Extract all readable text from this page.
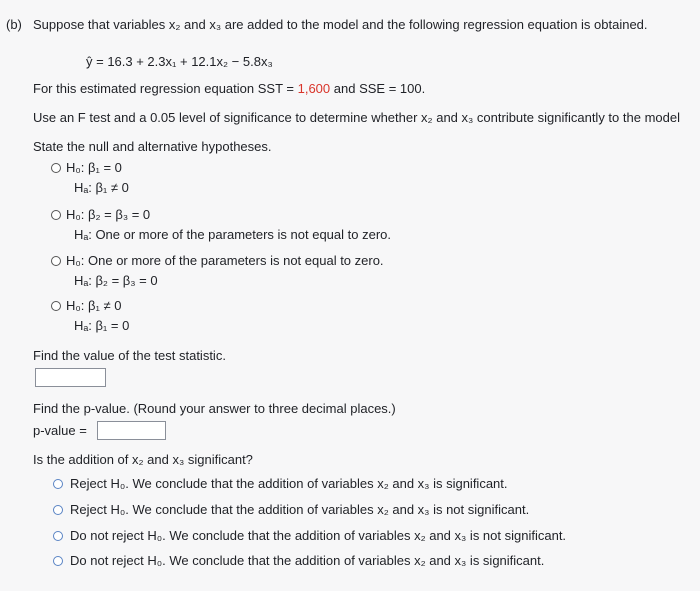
(b) Suppose that variables x₂ and x₃ are added to the model and the following regression equation is obtained.
ŷ = 16.3 + 2.3x₁ + 12.1x₂ − 5.8x₃
For this estimated regression equation SST = 1,600 and SSE = 100.
Use an F test and a 0.05 level of significance to determine whether x₂ and x₃ contribute significantly to the model
State the null and alternative hypotheses.
H₀: β₁ = 0
Hₐ: β₁ ≠ 0
H₀: β₂ = β₃ = 0
Hₐ: One or more of the parameters is not equal to zero.
H₀: One or more of the parameters is not equal to zero.
Hₐ: β₂ = β₃ = 0
H₀: β₁ ≠ 0
Hₐ: β₁ = 0
Find the value of the test statistic.
Find the p-value. (Round your answer to three decimal places.)
p-value =
Is the addition of x₂ and x₃ significant?
Reject H₀. We conclude that the addition of variables x₂ and x₃ is significant.
Reject H₀. We conclude that the addition of variables x₂ and x₃ is not significant.
Do not reject H₀. We conclude that the addition of variables x₂ and x₃ is not significant.
Do not reject H₀. We conclude that the addition of variables x₂ and x₃ is significant.
